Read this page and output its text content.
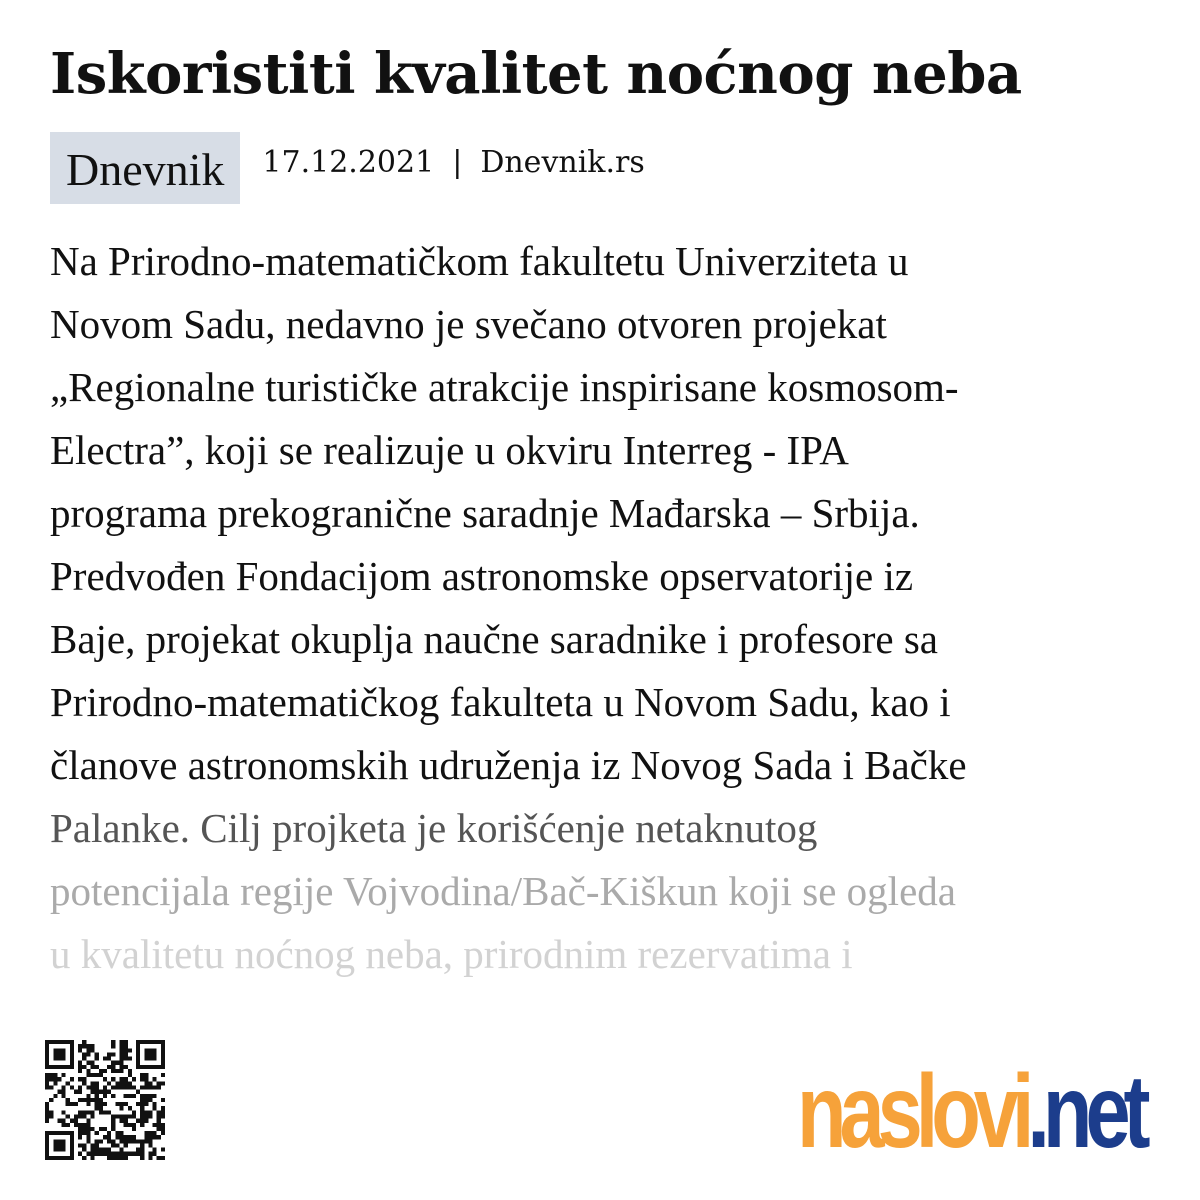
Iskoristiti kvalitet noćnog neba
Dnevnik	17.12.2021 | Dnevnik.rs
Na Prirodno-matematičkom fakultetu Univerziteta u
Novom Sadu, nedavno je svečano otvoren projekat
„Regionalne turističke atrakcije inspirisane kosmosom-
Electra”, koji se realizuje u okviru Interreg - IPA
programa prekograničnе saradnje Mađarska – Srbija.
Predvođen Fondacijom astronomske opservatorije iz
Baje, projekat okuplja naučne saradnike i profesore sa
Prirodno-matematičkog fakulteta u Novom Sadu, kao i
članove astronomskih udruženja iz Novog Sada i Bačke
Palanke. Cilj projketa je korišćenje netaknutog
potencijala regije Vojvodina/Bač-Kiškun koji se ogleda
u kvalitetu noćnog neba, prirodnim rezervatima i
naslovi .net
